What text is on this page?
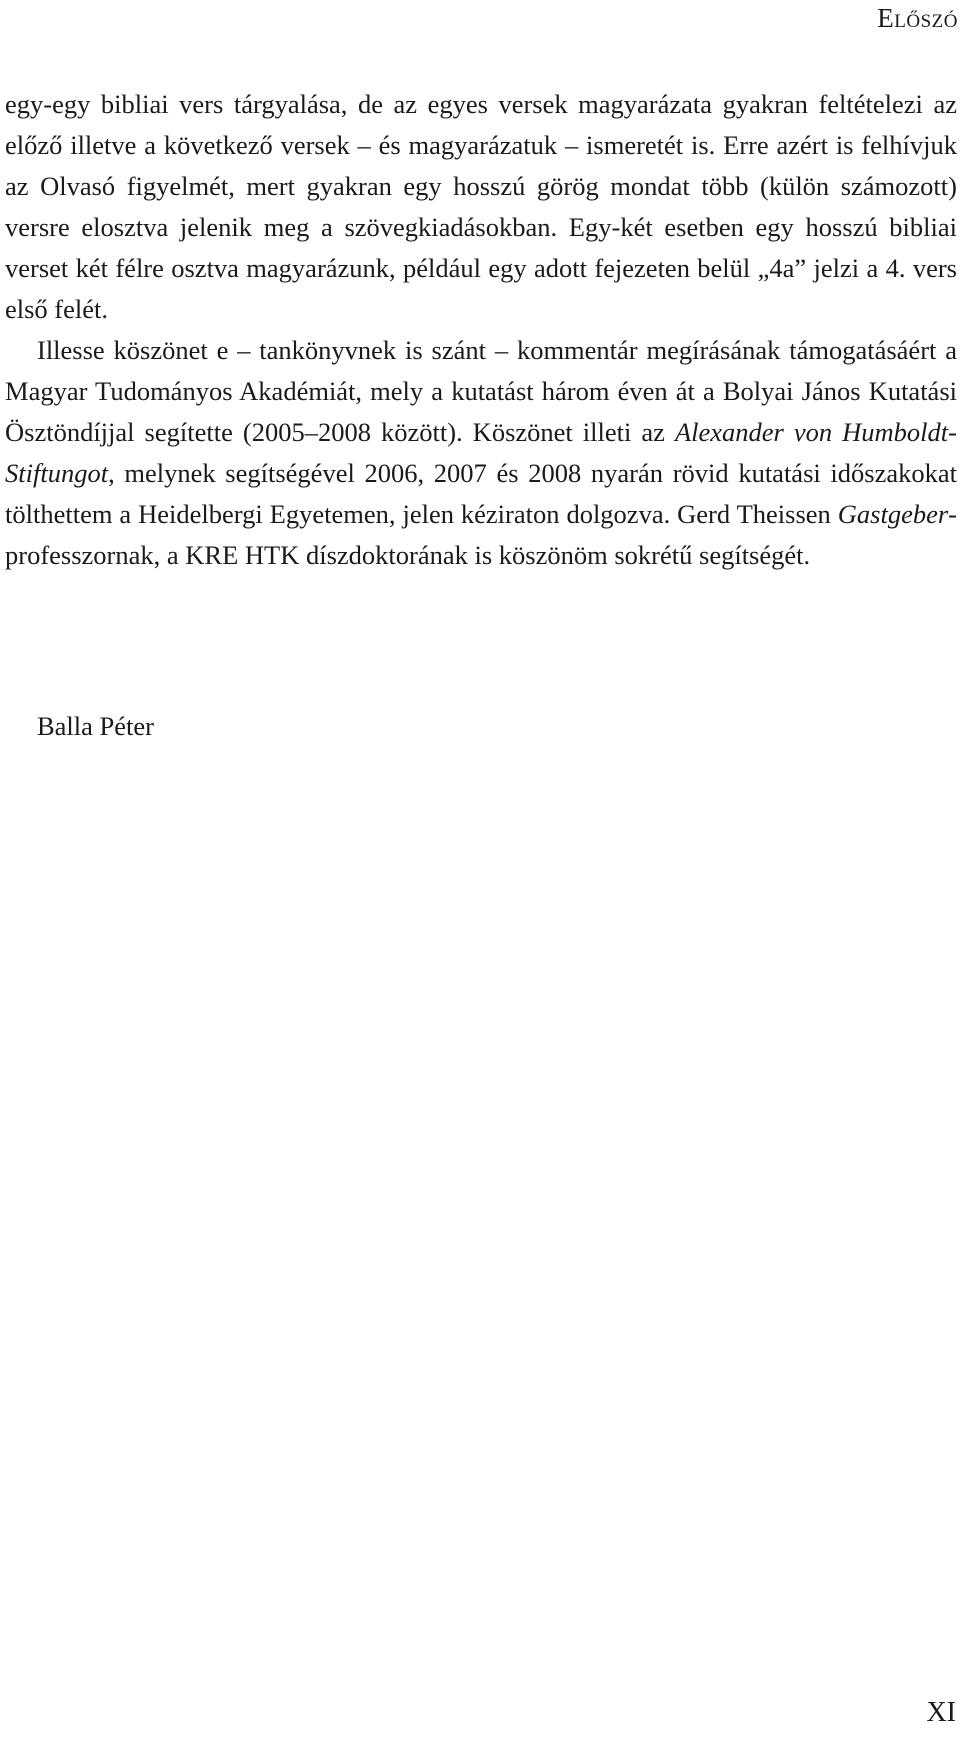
Előszó

egy-egy bibliai vers tárgyalása, de az egyes versek magyarázata gyakran feltételezi az előző illetve a következő versek – és magyarázatuk – ismeretét is. Erre azért is felhívjuk az Olvasó figyelmét, mert gyakran egy hosszú görög mondat több (külön számozott) versre elosztva jelenik meg a szövegkiadásokban. Egy-két esetben egy hosszú bibliai verset két félre osztva magyarázunk, például egy adott fejezeten belül „4a” jelzi a 4. vers első felét.

Illesse köszönet e – tankönyvnek is szánt – kommentár megírásának támogatásáért a Magyar Tudományos Akadémiát, mely a kutatást három éven át a Bolyai János Kutatási Ösztöndíjjal segítette (2005–2008 között). Köszönet illeti az Alexander von Humboldt-Stiftungot, melynek segítségével 2006, 2007 és 2008 nyarán rövid kutatási időszakokat tölthettem a Heidelbergi Egyetemen, jelen kéziraton dolgozva. Gerd Theissen Gastgeber-professzornak, a KRE HTK díszdoktorának is köszönöm sokrétű segítségét.

Balla Péter
XI
